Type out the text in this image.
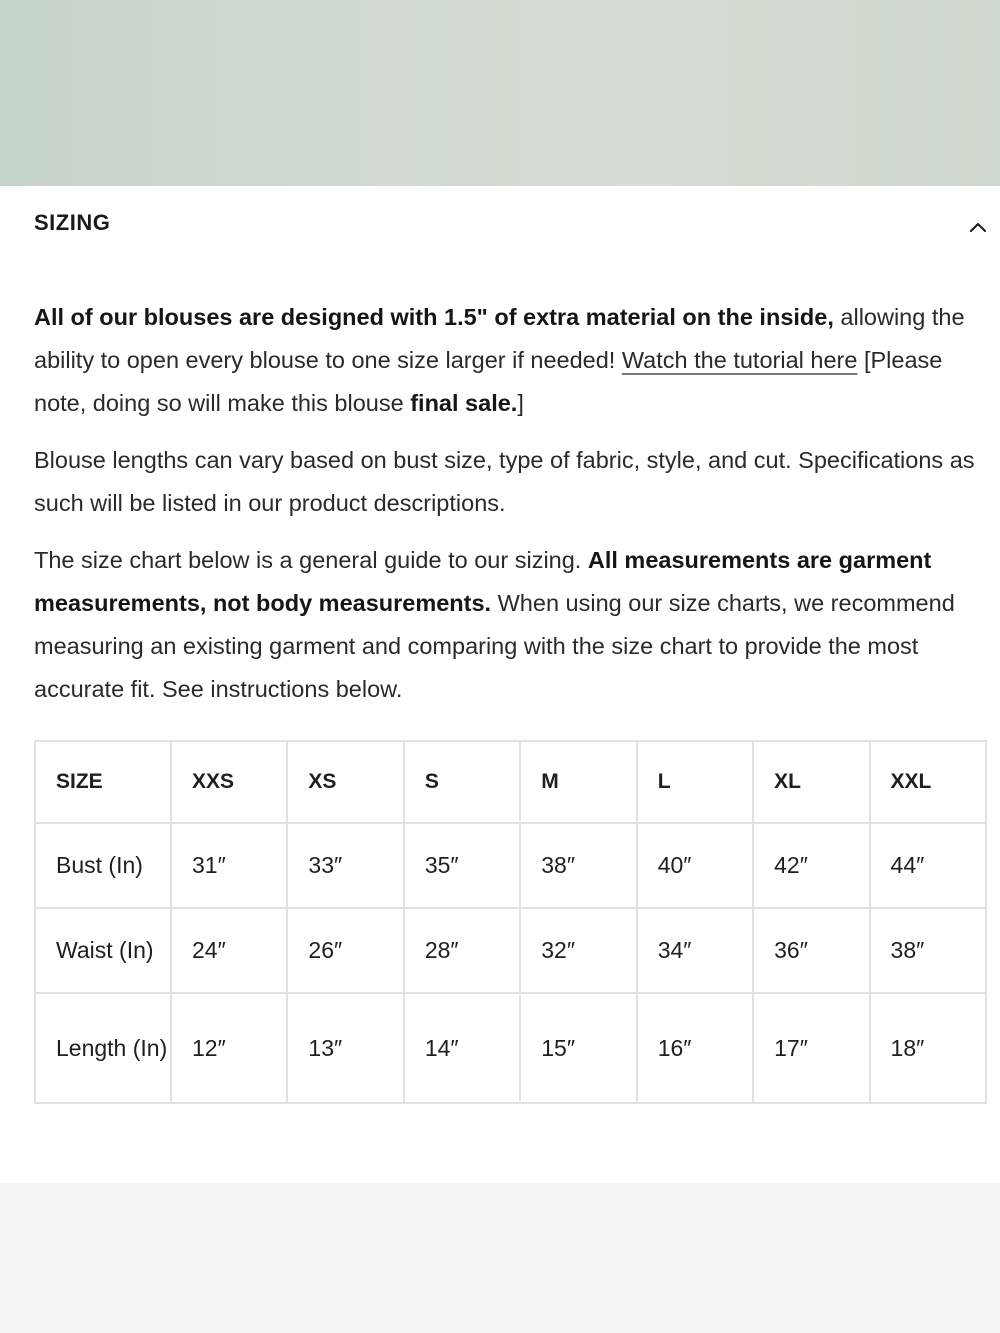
SIZING

All of our blouses are designed with 1.5" of extra material on the inside, allowing the ability to open every blouse to one size larger if needed! Watch the tutorial here [Please note, doing so will make this blouse final sale.]

Blouse lengths can vary based on bust size, type of fabric, style, and cut. Specifications as such will be listed in our product descriptions.

The size chart below is a general guide to our sizing. All measurements are garment measurements, not body measurements. When using our size charts, we recommend measuring an existing garment and comparing with the size chart to provide the most accurate fit. See instructions below.

SIZE	XXS	XS	S	M	L	XL	XXL
Bust (In)	31″	33″	35″	38″	40″	42″	44″
Waist (In)	24″	26″	28″	32″	34″	36″	38″
Length (In)	12″	13″	14″	15″	16″	17″	18″
